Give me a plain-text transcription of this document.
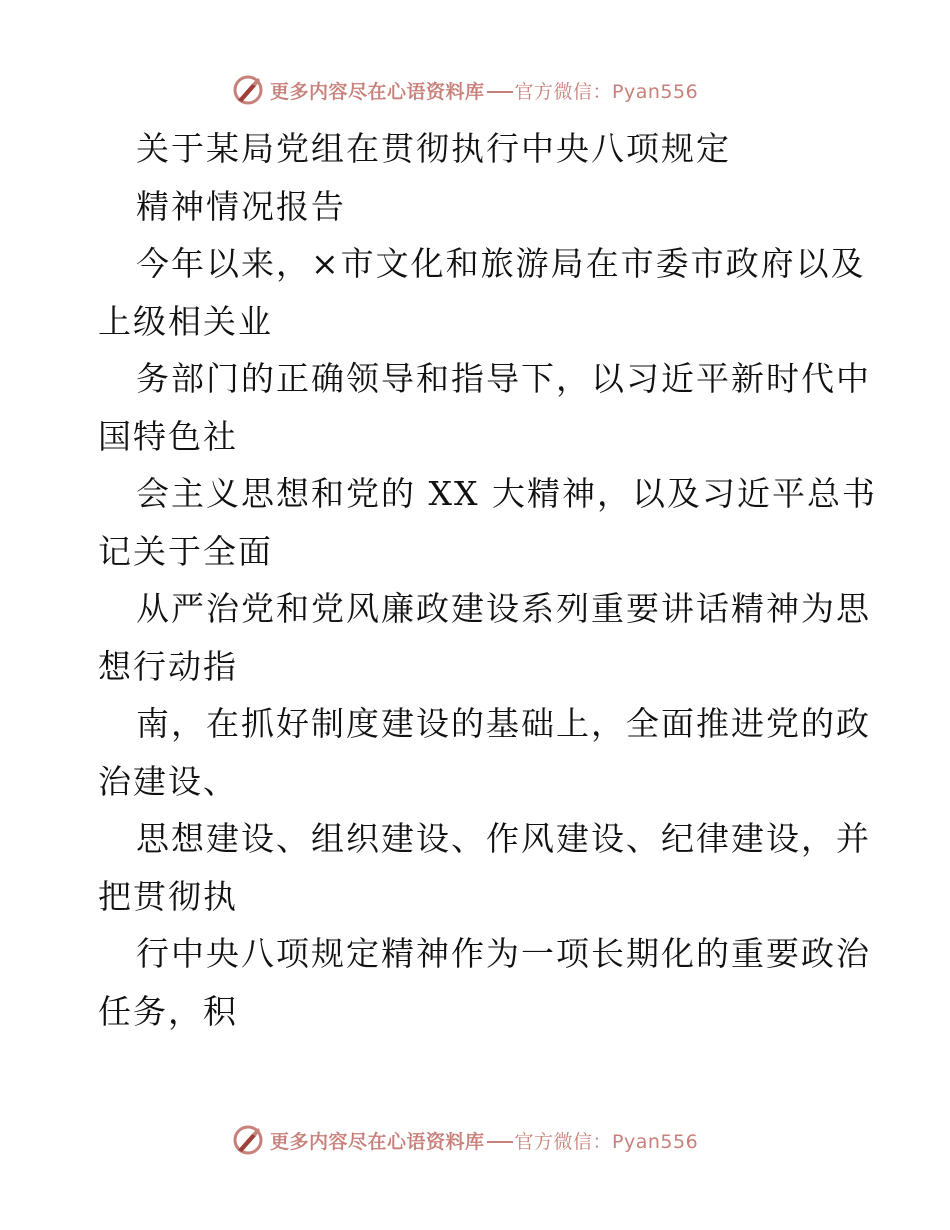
更多内容尽在心语资料库 官方微信：Pyan556
关于某局党组在贯彻执行中央八项规定
精神情况报告
今年以来，×市文化和旅游局在市委市政府以及
上级相关业
务部门的正确领导和指导下，以习近平新时代中
国特色社
会主义思想和党的 XX 大精神，以及习近平总书
记关于全面
从严治党和党风廉政建设系列重要讲话精神为思
想行动指
南，在抓好制度建设的基础上，全面推进党的政
治建设、
思想建设、组织建设、作风建设、纪律建设，并
把贯彻执
行中央八项规定精神作为一项长期化的重要政治
任务，积
更多内容尽在心语资料库 官方微信：Pyan556
